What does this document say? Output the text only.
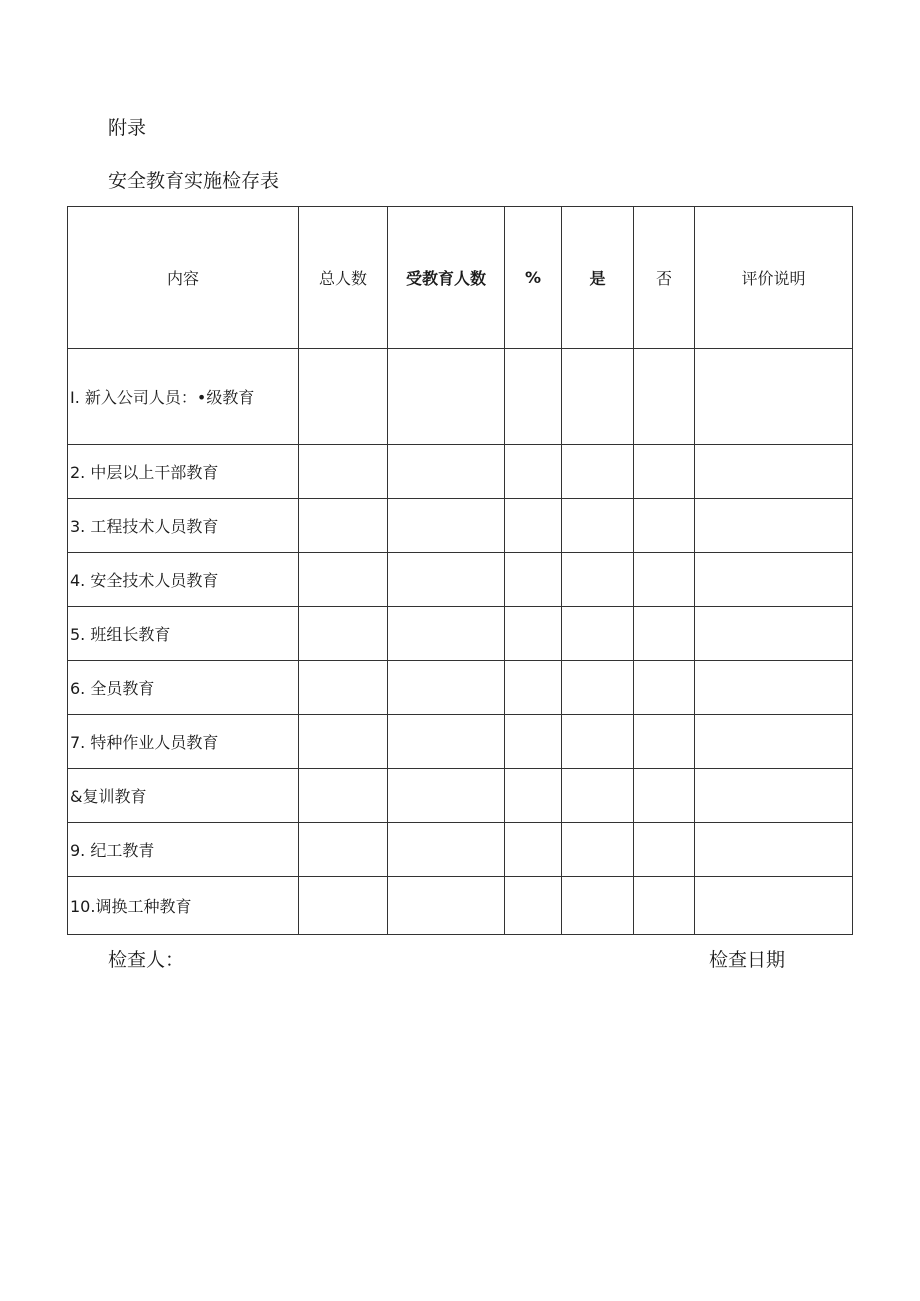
附录
安全教育实施检存表
内容	总人数	受教育人数	%	是	否	评价说明
I. 新入公司人员：•级教育						
2. 中层以上干部教育						
3. 工程技术人员教育						
4. 安全技术人员教育						
5. 班组长教育						
6. 全员教育						
7. 特种作业人员教育						
&复训教育						
9. 纪工教青						
10.调换工种教育						
检查人：	检查日期
